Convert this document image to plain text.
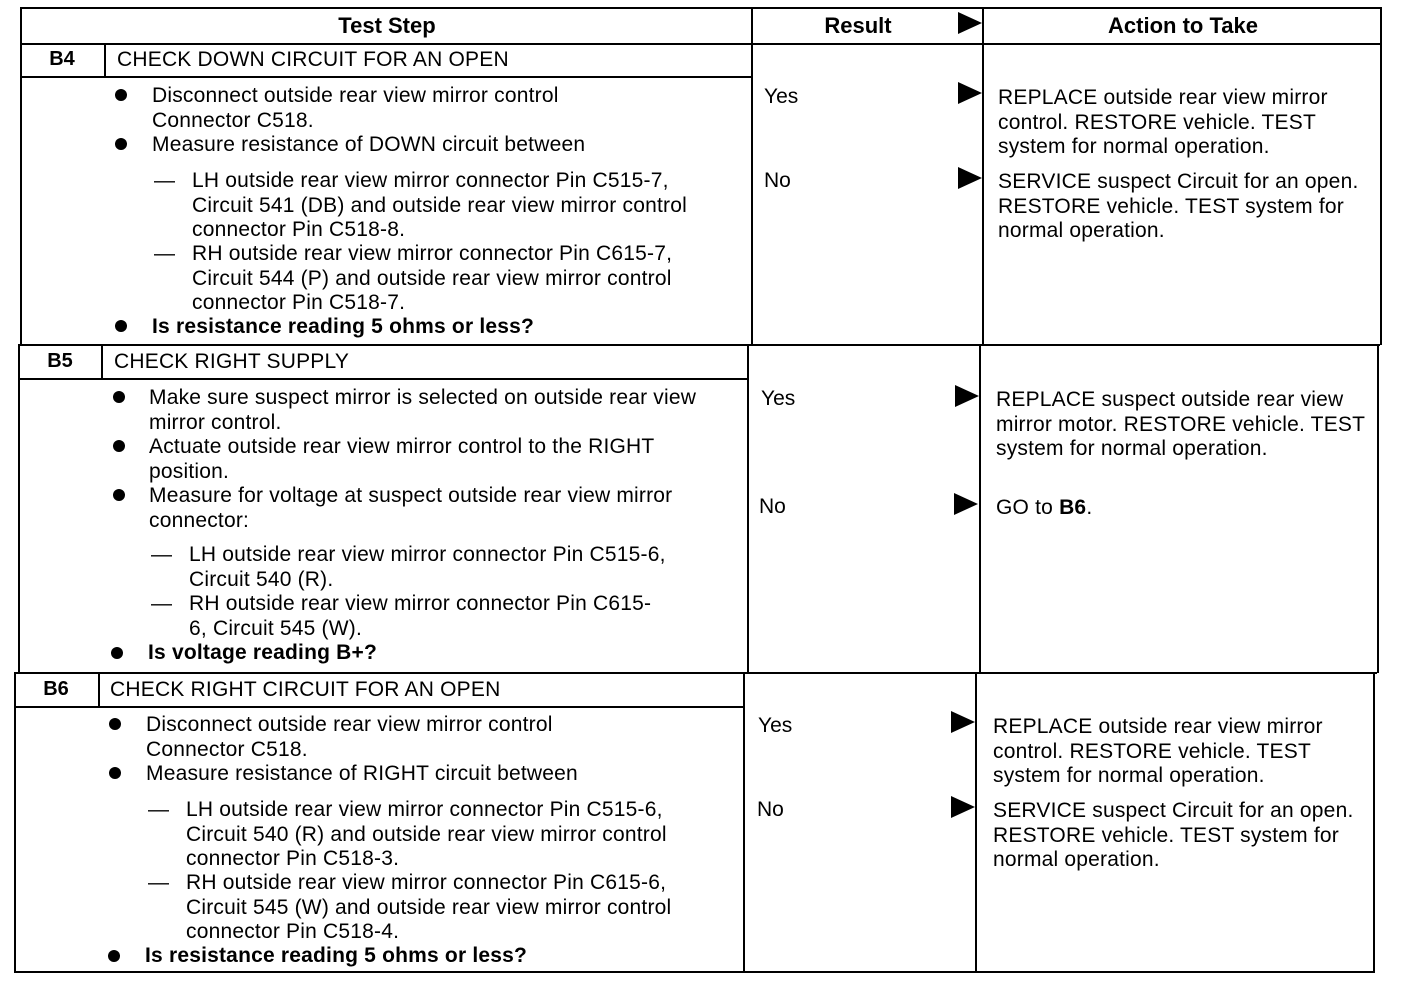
Test Step	Result	Action to Take
B4	CHECK DOWN CIRCUIT FOR AN OPEN
Disconnect outside rear view mirror control Connector C518.
Measure resistance of DOWN circuit between
— LH outside rear view mirror connector Pin C515-7, Circuit 541 (DB) and outside rear view mirror control connector Pin C518-8.
— RH outside rear view mirror connector Pin C615-7, Circuit 544 (P) and outside rear view mirror control connector Pin C518-7.
Is resistance reading 5 ohms or less?
Yes	REPLACE outside rear view mirror control. RESTORE vehicle. TEST system for normal operation.
No	SERVICE suspect Circuit for an open. RESTORE vehicle. TEST system for normal operation.
B5	CHECK RIGHT SUPPLY
Make sure suspect mirror is selected on outside rear view mirror control.
Actuate outside rear view mirror control to the RIGHT position.
Measure for voltage at suspect outside rear view mirror connector:
— LH outside rear view mirror connector Pin C515-6, Circuit 540 (R).
— RH outside rear view mirror connector Pin C615-6, Circuit 545 (W).
Is voltage reading B+?
Yes	REPLACE suspect outside rear view mirror motor. RESTORE vehicle. TEST system for normal operation.
No	GO to B6.
B6	CHECK RIGHT CIRCUIT FOR AN OPEN
Disconnect outside rear view mirror control Connector C518.
Measure resistance of RIGHT circuit between
— LH outside rear view mirror connector Pin C515-6, Circuit 540 (R) and outside rear view mirror control connector Pin C518-3.
— RH outside rear view mirror connector Pin C615-6, Circuit 545 (W) and outside rear view mirror control connector Pin C518-4.
Is resistance reading 5 ohms or less?
Yes	REPLACE outside rear view mirror control. RESTORE vehicle. TEST system for normal operation.
No	SERVICE suspect Circuit for an open. RESTORE vehicle. TEST system for normal operation.
